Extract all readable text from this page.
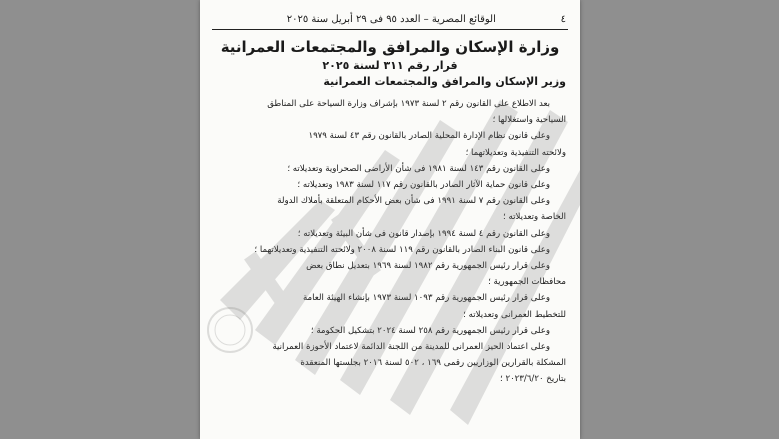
٤
الوقائع المصرية – العدد ٩٥ فى ٢٩ أبريل سنة ٢٠٢٥
وزارة الإسكان والمرافق والمجتمعات العمرانية
قرار رقم ٣١١ لسنة ٢٠٢٥
وزير الإسكان والمرافق والمجتمعات العمرانية

بعد الاطلاع على القانون رقم ٢ لسنة ١٩٧٣ بإشراف وزارة السياحة على المناطق

السياحية واستغلالها ؛

وعلى قانون نظام الإدارة المحلية الصادر بالقانون رقم ٤٣ لسنة ١٩٧٩

ولائحته التنفيذية وتعديلاتهما ؛

وعلى القانون رقم ١٤٣ لسنة ١٩٨١ فى شأن الأراضى الصحراوية وتعديلاته ؛

وعلى قانون حماية الآثار الصادر بالقانون رقم ١١٧ لسنة ١٩٨٣ وتعديلاته ؛

وعلى القانون رقم ٧ لسنة ١٩٩١ فى شأن بعض الأحكام المتعلقة بأملاك الدولة

الخاصة وتعديلاته ؛

وعلى القانون رقم ٤ لسنة ١٩٩٤ بإصدار قانون فى شأن البيئة وتعديلاته ؛

وعلى قانون البناء الصادر بالقانون رقم ١١٩ لسنة ٢٠٠٨ ولائحته التنفيذية وتعديلاتهما ؛

وعلى قرار رئيس الجمهورية رقم ١٩٨٢ لسنة ١٩٦٩ بتعديل نطاق بعض

محافظات الجمهورية ؛

وعلى قرار رئيس الجمهورية رقم ١٠٩٣ لسنة ١٩٧٣ بإنشاء الهيئة العامة

للتخطيط العمرانى وتعديلاته ؛

وعلى قرار رئيس الجمهورية رقم ٢٥٨ لسنة ٢٠٢٤ بتشكيل الحكومة ؛

وعلى اعتماد الحيز العمرانى للمدينة من اللجنة الدائمة لاعتماد الأحوزة العمرانية

المشكلة بالقرارين الوزاريين رقمى ١٦٩ ، ٥٠٢ لسنة ٢٠١٦ بجلستها المنعقدة

بتاريخ ٢٠٢٣/٦/٢٠ ؛
